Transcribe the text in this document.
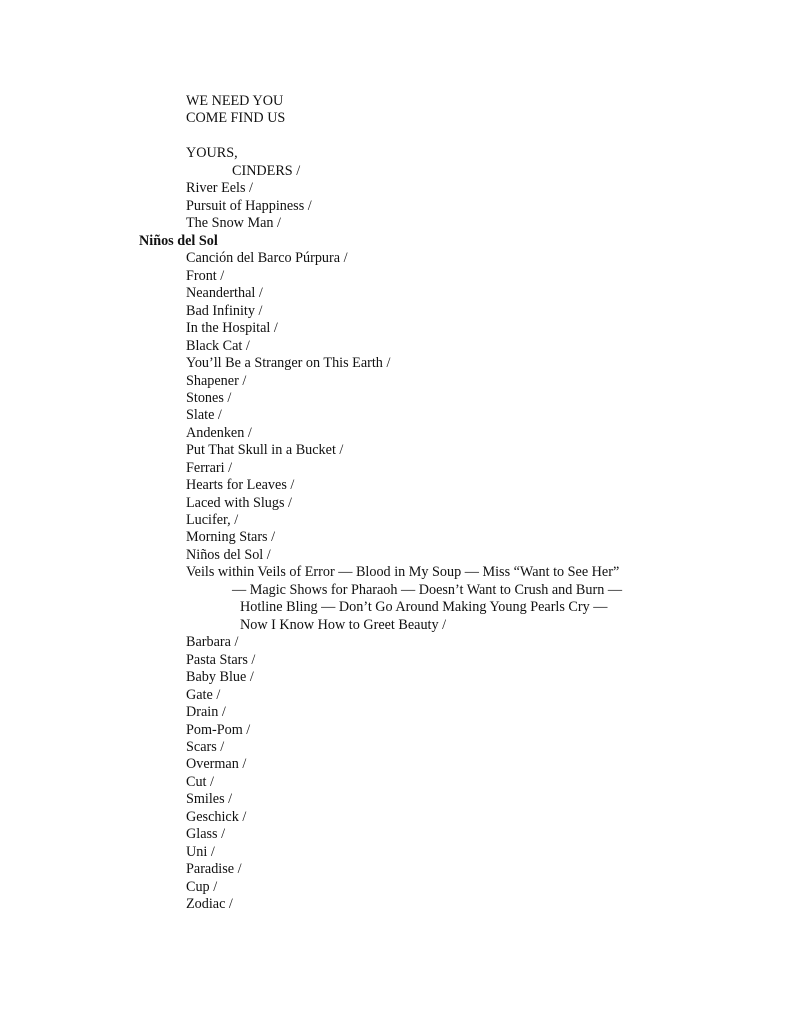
WE NEED YOU
COME FIND US
YOURS,
CINDERS /
River Eels /
Pursuit of Happiness /
The Snow Man /
Niños del Sol
Canción del Barco Púrpura /
Front /
Neanderthal /
Bad Infinity /
In the Hospital /
Black Cat /
You’ll Be a Stranger on This Earth /
Shapener /
Stones /
Slate /
Andenken /
Put That Skull in a Bucket /
Ferrari /
Hearts for Leaves /
Laced with Slugs /
Lucifer, /
Morning Stars /
Niños del Sol /
Veils within Veils of Error — Blood in My Soup — Miss “Want to See Her”
— Magic Shows for Pharaoh — Doesn’t Want to Crush and Burn —
Hotline Bling — Don’t Go Around Making Young Pearls Cry —
Now I Know How to Greet Beauty /
Barbara /
Pasta Stars /
Baby Blue /
Gate /
Drain /
Pom-Pom /
Scars /
Overman /
Cut /
Smiles /
Geschick /
Glass /
Uni /
Paradise /
Cup /
Zodiac /
